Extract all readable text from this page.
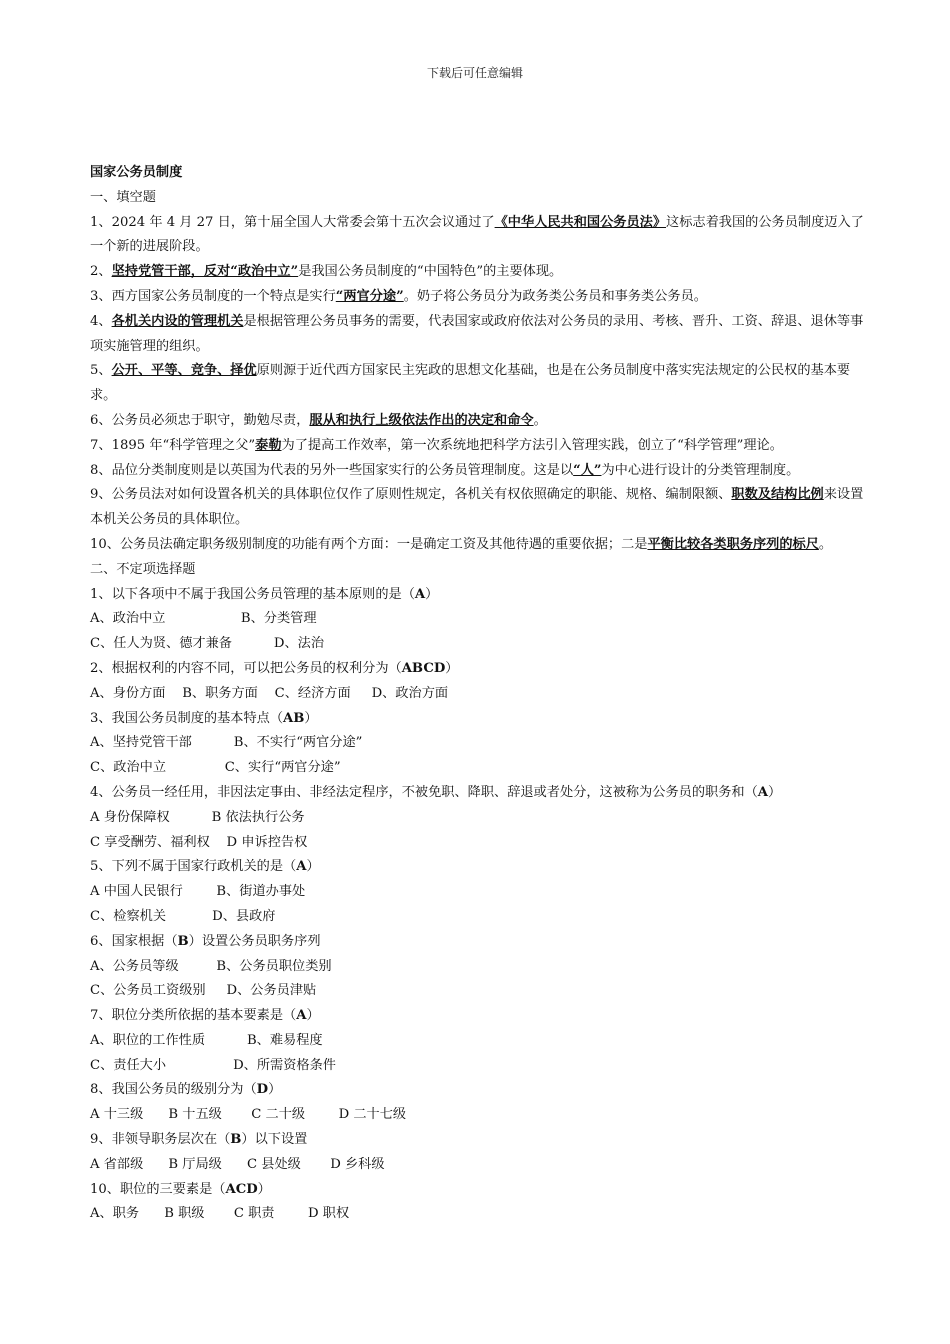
下载后可任意编辑
国家公务员制度
一、填空题
1、2024 年 4 月 27 日，第十届全国人大常委会第十五次会议通过了《中华人民共和国公务员法》这标志着我国的公务员制度迈入了一个新的进展阶段。
2、坚持党管干部，反对“政治中立”是我国公务员制度的“中国特色”的主要体现。
3、西方国家公务员制度的一个特点是实行“两官分途”。奶子将公务员分为政务类公务员和事务类公务员。
4、各机关内设的管理机关是根据管理公务员事务的需要，代表国家或政府依法对公务员的录用、考核、晋升、工资、辞退、退休等事项实施管理的组织。
5、公开、平等、竞争、择优原则源于近代西方国家民主宪政的思想文化基础，也是在公务员制度中落实宪法规定的公民权的基本要求。
6、公务员必须忠于职守，勤勉尽责，服从和执行上级依法作出的决定和命令。
7、1895 年“科学管理之父”泰勒为了提高工作效率，第一次系统地把科学方法引入管理实践，创立了“科学管理”理论。
8、品位分类制度则是以英国为代表的另外一些国家实行的公务员管理制度。这是以“人”为中心进行设计的分类管理制度。
9、公务员法对如何设置各机关的具体职位仅作了原则性规定，各机关有权依照确定的职能、规格、编制限额、职数及结构比例来设置本机关公务员的具体职位。
10、公务员法确定职务级别制度的功能有两个方面：一是确定工资及其他待遇的重要依据；二是平衡比较各类职务序列的标尺。
二、不定项选择题
1、以下各项中不属于我国公务员管理的基本原则的是（A）
A、政治中立                  B、分类管理
C、任人为贤、德才兼备          D、法治
2、根据权利的内容不同，可以把公务员的权利分为（ABCD）
A、身份方面    B、职务方面    C、经济方面     D、政治方面
3、我国公务员制度的基本特点（AB）
A、坚持党管干部          B、不实行“两官分途”
C、政治中立              C、实行“两官分途”
4、公务员一经任用，非因法定事由、非经法定程序，不被免职、降职、辞退或者处分，这被称为公务员的职务和（A）
A 身份保障权          B 依法执行公务
C 享受酬劳、福利权    D 申诉控告权
5、下列不属于国家行政机关的是（A）
A 中国人民银行        B、街道办事处
C、检察机关           D、县政府
6、国家根据（B）设置公务员职务序列
A、公务员等级         B、公务员职位类别
C、公务员工资级别     D、公务员津贴
7、职位分类所依据的基本要素是（A）
A、职位的工作性质          B、难易程度
C、责任大小                D、所需资格条件
8、我国公务员的级别分为（D）
A 十三级      B 十五级       C 二十级        D 二十七级
9、非领导职务层次在（B）以下设置
A 省部级      B 厅局级      C 县处级       D 乡科级
10、职位的三要素是（ACD）
A、职务      B 职级       C 职责        D 职权
